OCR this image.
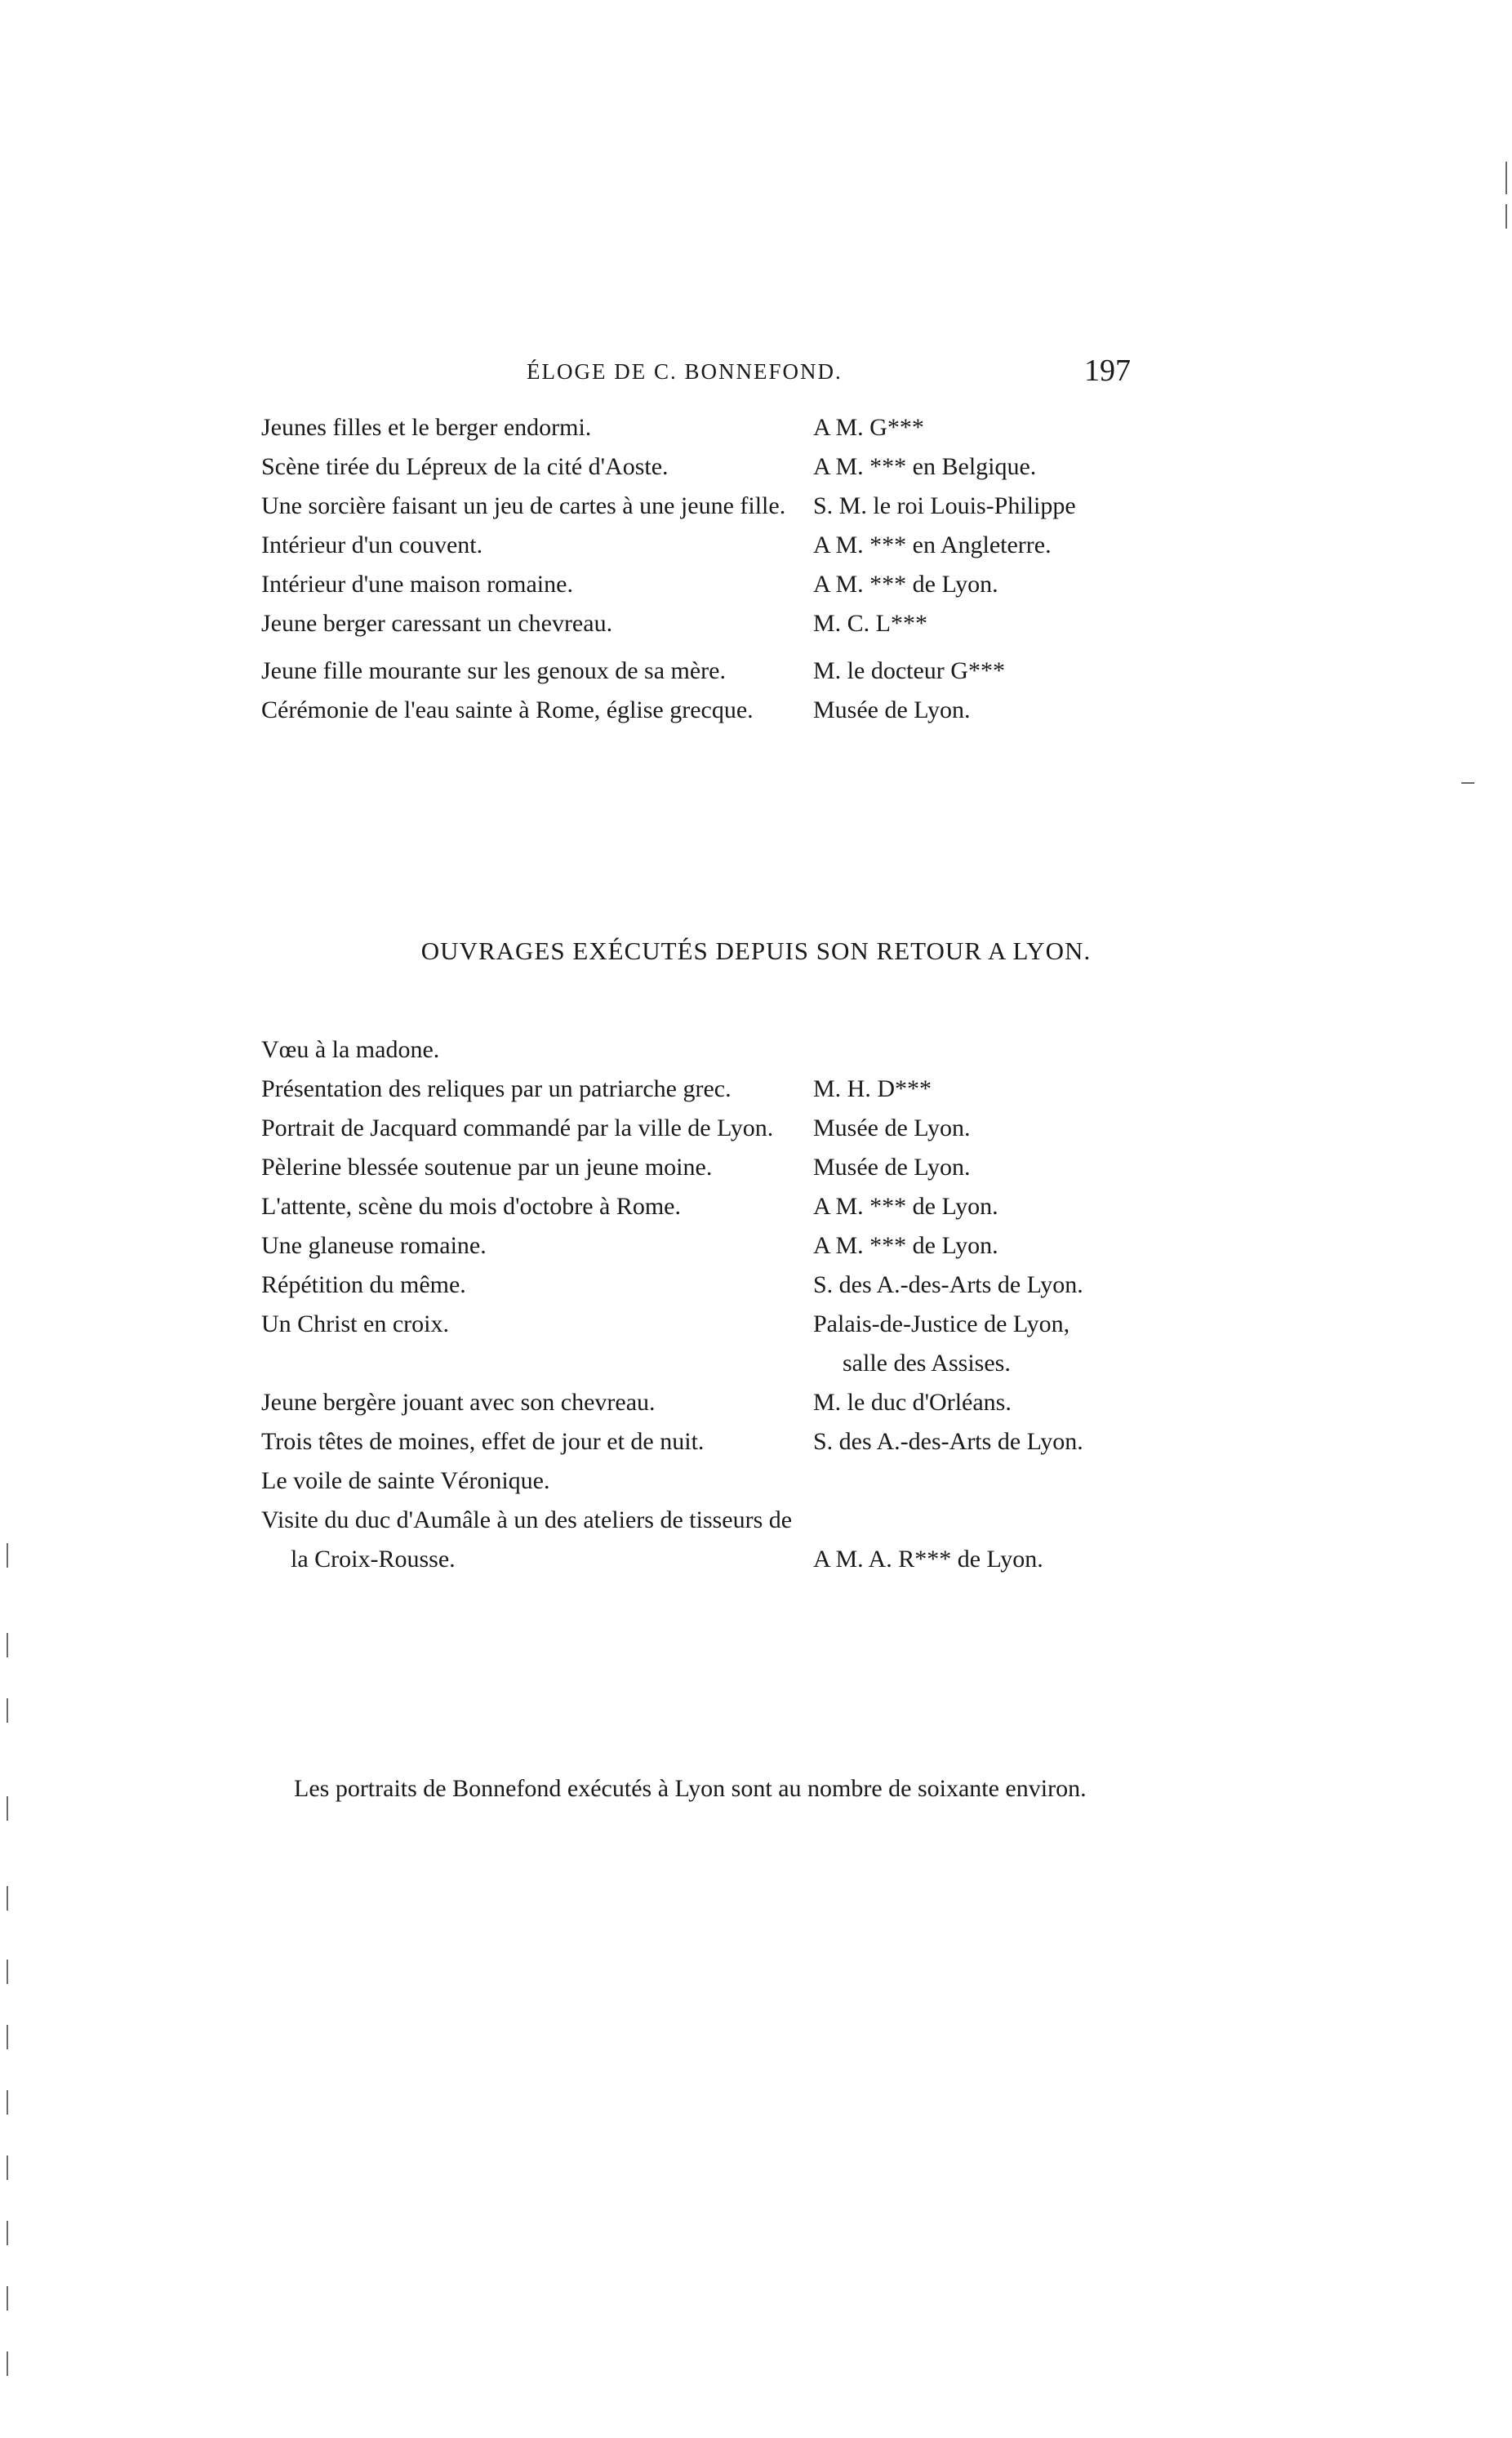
ÉLOGE DE C. BONNEFOND.	197
Jeunes filles et le berger endormi.	A M. G***
Scène tirée du Lépreux de la cité d'Aoste.	A M. *** en Belgique.
Une sorcière faisant un jeu de cartes à une jeune fille.	S. M. le roi Louis-Philippe
Intérieur d'un couvent.	A M. *** en Angleterre.
Intérieur d'une maison romaine.	A M. *** de Lyon.
Jeune berger caressant un chevreau.	M. C. L***
Jeune fille mourante sur les genoux de sa mère.	M. le docteur G***
Cérémonie de l'eau sainte à Rome, église grecque.	Musée de Lyon.
OUVRAGES EXÉCUTÉS DEPUIS SON RETOUR A LYON.
Vœu à la madone.
Présentation des reliques par un patriarche grec.	M. H. D***
Portrait de Jacquard commandé par la ville de Lyon.	Musée de Lyon.
Pèlerine blessée soutenue par un jeune moine.	Musée de Lyon.
L'attente, scène du mois d'octobre à Rome.	A M. *** de Lyon.
Une glaneuse romaine.	A M. *** de Lyon.
Répétition du même.	S. des A.-des-Arts de Lyon.
Un Christ en croix.	Palais-de-Justice de Lyon,
salle des Assises.
Jeune bergère jouant avec son chevreau.	M. le duc d'Orléans.
Trois têtes de moines, effet de jour et de nuit.	S. des A.-des-Arts de Lyon.
Le voile de sainte Véronique.
Visite du duc d'Aumâle à un des ateliers de tisseurs de la Croix-Rousse.	A M. A. R*** de Lyon.

Les portraits de Bonnefond exécutés à Lyon sont au nombre de soixante environ.
